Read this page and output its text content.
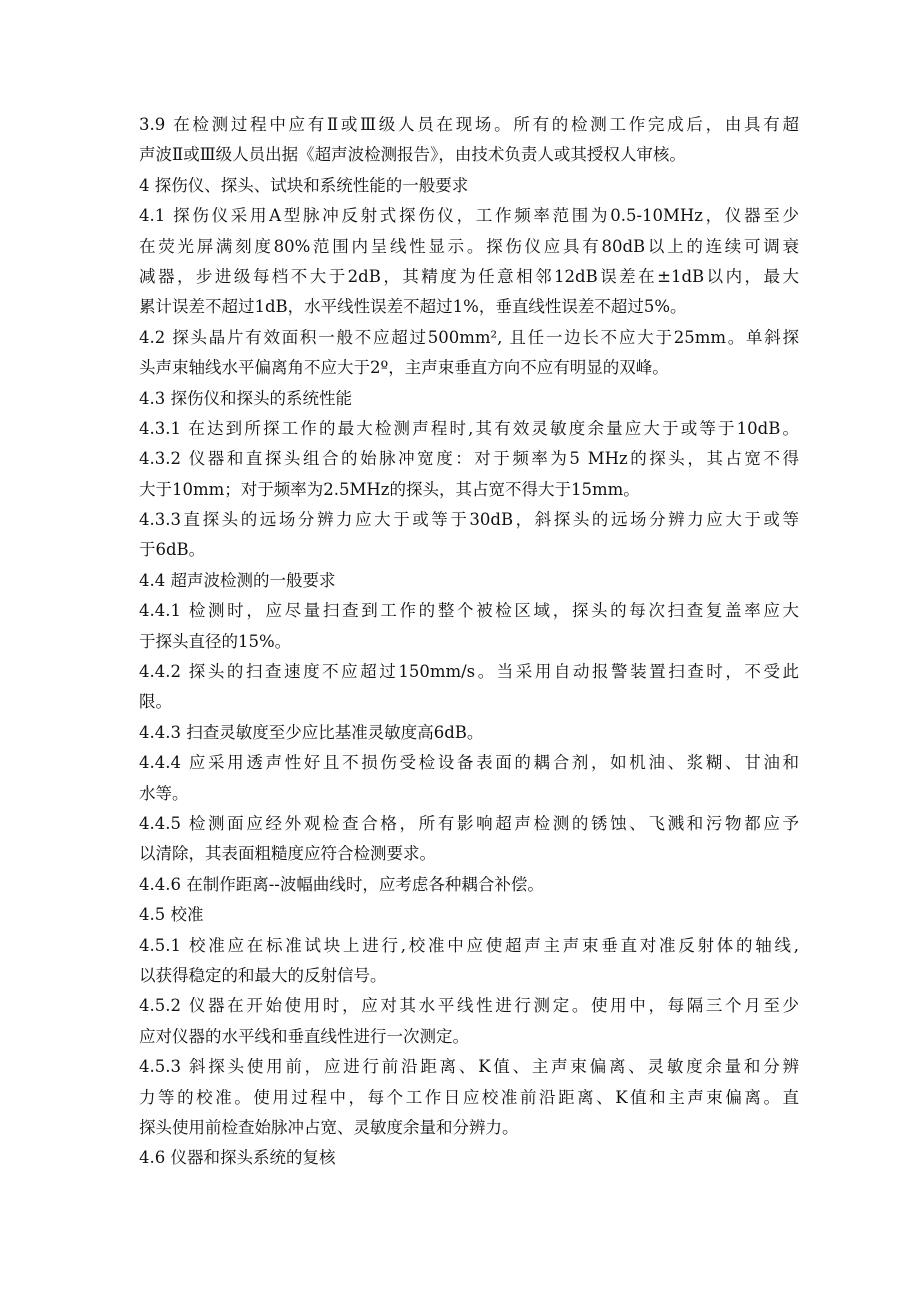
3.9 在检测过程中应有Ⅱ或Ⅲ级人员在现场。所有的检测工作完成后，由具有超
声波Ⅱ或Ⅲ级人员出据《超声波检测报告》，由技术负责人或其授权人审核。
4 探伤仪、探头、试块和系统性能的一般要求
4.1 探伤仪采用A型脉冲反射式探伤仪，工作频率范围为0.5-10MHz，仪器至少
在荧光屏满刻度80%范围内呈线性显示。探伤仪应具有80dB以上的连续可调衰
减器，步进级每档不大于2dB，其精度为任意相邻12dB误差在±1dB以内，最大
累计误差不超过1dB，水平线性误差不超过1%，垂直线性误差不超过5%。
4.2 探头晶片有效面积一般不应超过500mm², 且任一边长不应大于25mm。单斜探
头声束轴线水平偏离角不应大于2º，主声束垂直方向不应有明显的双峰。
4.3 探伤仪和探头的系统性能
4.3.1 在达到所探工作的最大检测声程时,其有效灵敏度余量应大于或等于10dB。
4.3.2 仪器和直探头组合的始脉冲宽度：对于频率为5 MHz的探头，其占宽不得
大于10mm；对于频率为2.5MHz的探头，其占宽不得大于15mm。
4.3.3直探头的远场分辨力应大于或等于30dB，斜探头的远场分辨力应大于或等
于6dB。
4.4 超声波检测的一般要求
4.4.1 检测时，应尽量扫查到工作的整个被检区域，探头的每次扫查复盖率应大
于探头直径的15%。
4.4.2 探头的扫查速度不应超过150mm/s。当采用自动报警装置扫查时，不受此
限。
4.4.3 扫查灵敏度至少应比基准灵敏度高6dB。
4.4.4 应采用透声性好且不损伤受检设备表面的耦合剂，如机油、浆糊、甘油和
水等。
4.4.5 检测面应经外观检查合格，所有影响超声检测的锈蚀、飞溅和污物都应予
以清除，其表面粗糙度应符合检测要求。
4.4.6 在制作距离--波幅曲线时，应考虑各种耦合补偿。
4.5 校准
4.5.1 校准应在标准试块上进行,校准中应使超声主声束垂直对准反射体的轴线,
以获得稳定的和最大的反射信号。
4.5.2 仪器在开始使用时，应对其水平线性进行测定。使用中，每隔三个月至少
应对仪器的水平线和垂直线性进行一次测定。
4.5.3 斜探头使用前，应进行前沿距离、K值、主声束偏离、灵敏度余量和分辨
力等的校准。使用过程中，每个工作日应校准前沿距离、K值和主声束偏离。直
探头使用前检查始脉冲占宽、灵敏度余量和分辨力。
4.6 仪器和探头系统的复核
